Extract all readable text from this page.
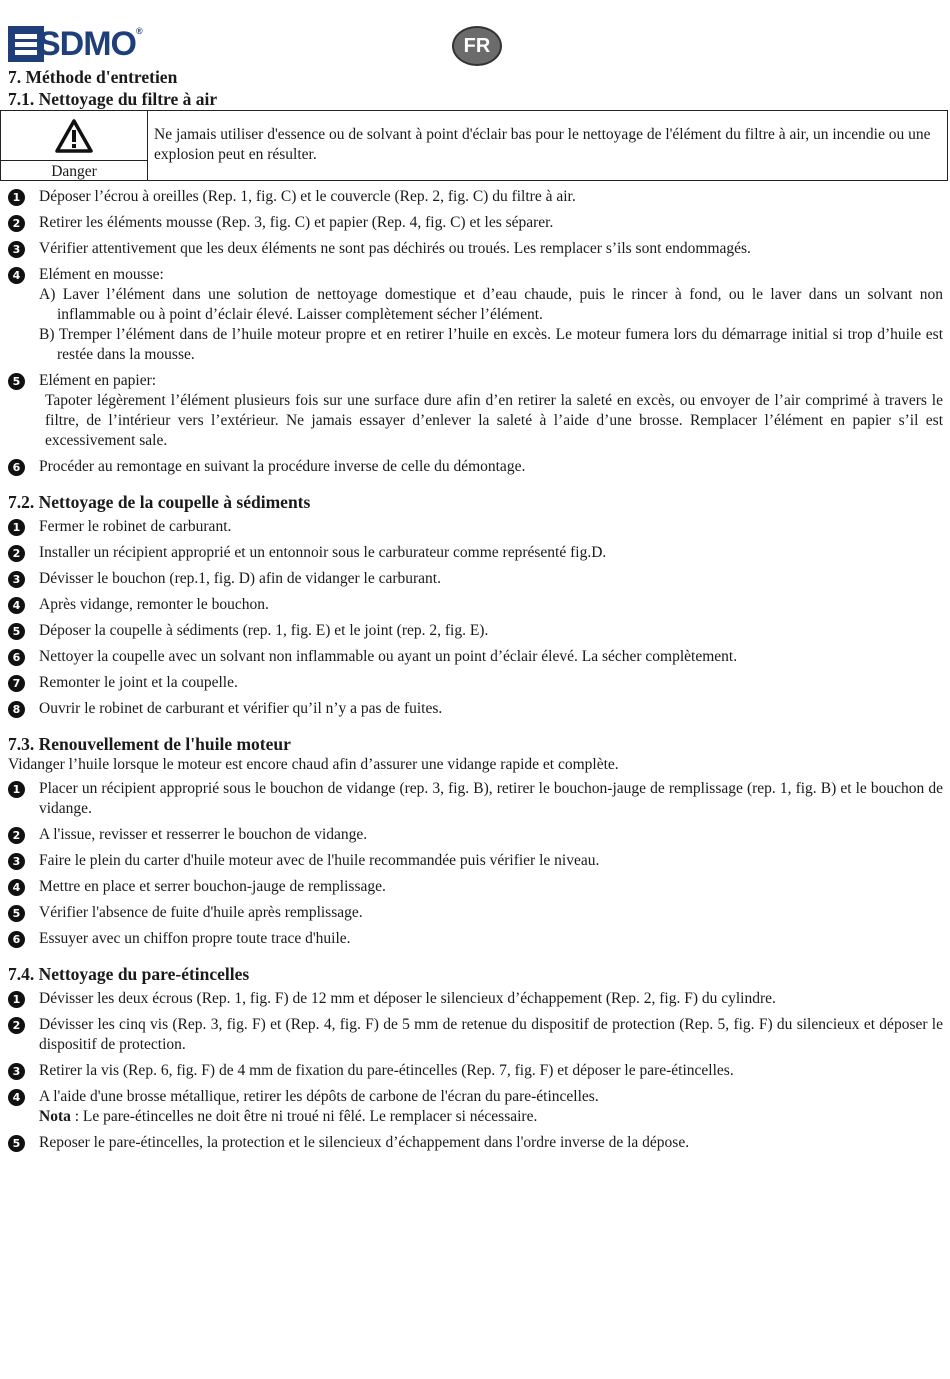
SDMO®
FR
7. Méthode d'entretien
7.1. Nettoyage du filtre à air
Danger
Ne jamais utiliser d'essence ou de solvant à point d'éclair bas pour le nettoyage de l'élément du filtre à air, un incendie ou une explosion peut en résulter.
1	Déposer l’écrou à oreilles (Rep. 1, fig. C) et le couvercle (Rep. 2, fig. C) du filtre à air.
2	Retirer les éléments mousse (Rep. 3, fig. C) et papier (Rep. 4, fig. C) et les séparer.
3	Vérifier attentivement que les deux éléments ne sont pas déchirés ou troués. Les remplacer s’ils sont endommagés.
4	Elément en mousse:
A) Laver l’élément dans une solution de nettoyage domestique et d’eau chaude, puis le rincer à fond, ou le laver dans un solvant non inflammable ou à point d’éclair élevé. Laisser complètement sécher l’élément.
B) Tremper l’élément dans de l’huile moteur propre et en retirer l’huile en excès. Le moteur fumera lors du démarrage initial si trop d’huile est restée dans la mousse.
5	Elément en papier:
Tapoter légèrement l’élément plusieurs fois sur une surface dure afin d’en retirer la saleté en excès, ou envoyer de l’air comprimé à travers le filtre, de l’intérieur vers l’extérieur. Ne jamais essayer d’enlever la saleté à l’aide d’une brosse. Remplacer l’élément en papier s’il est excessivement sale.
6	Procéder au remontage en suivant la procédure inverse de celle du démontage.
7.2. Nettoyage de la coupelle à sédiments
1	Fermer le robinet de carburant.
2	Installer un récipient approprié et un entonnoir sous le carburateur comme représenté fig.D.
3	Dévisser le bouchon (rep.1, fig. D) afin de vidanger le carburant.
4	Après vidange, remonter le bouchon.
5	Déposer la coupelle à sédiments (rep. 1, fig. E) et le joint (rep. 2, fig. E).
6	Nettoyer la coupelle avec un solvant non inflammable ou ayant un point d’éclair élevé. La sécher complètement.
7	Remonter le joint et la coupelle.
8	Ouvrir le robinet de carburant et vérifier qu’il n’y a pas de fuites.
7.3. Renouvellement de l'huile moteur

Vidanger l’huile lorsque le moteur est encore chaud afin d’assurer une vidange rapide et complète.

1	Placer un récipient approprié sous le bouchon de vidange (rep. 3, fig. B), retirer le bouchon-jauge de remplissage (rep. 1, fig. B) et le bouchon de vidange.
2	A l'issue, revisser et resserrer le bouchon de vidange.
3	Faire le plein du carter d'huile moteur avec de l'huile recommandée puis vérifier le niveau.
4	Mettre en place et serrer bouchon-jauge de remplissage.
5	Vérifier l'absence de fuite d'huile après remplissage.
6	Essuyer avec un chiffon propre toute trace d'huile.
7.4. Nettoyage du pare-étincelles
1	Dévisser les deux écrous (Rep. 1, fig. F) de 12 mm et déposer le silencieux d’échappement (Rep. 2, fig. F) du cylindre.
2	Dévisser les cinq vis (Rep. 3, fig. F) et (Rep. 4, fig. F) de 5 mm de retenue du dispositif de protection (Rep. 5, fig. F) du silencieux et déposer le dispositif de protection.
3	Retirer la vis (Rep. 6, fig. F) de 4 mm de fixation du pare-étincelles (Rep. 7, fig. F) et déposer le pare-étincelles.
4	A l'aide d'une brosse métallique, retirer les dépôts de carbone de l'écran du pare-étincelles.
Nota : Le pare-étincelles ne doit être ni troué ni fêlé. Le remplacer si nécessaire.
5	Reposer le pare-étincelles, la protection et le silencieux d’échappement dans l'ordre inverse de la dépose.
